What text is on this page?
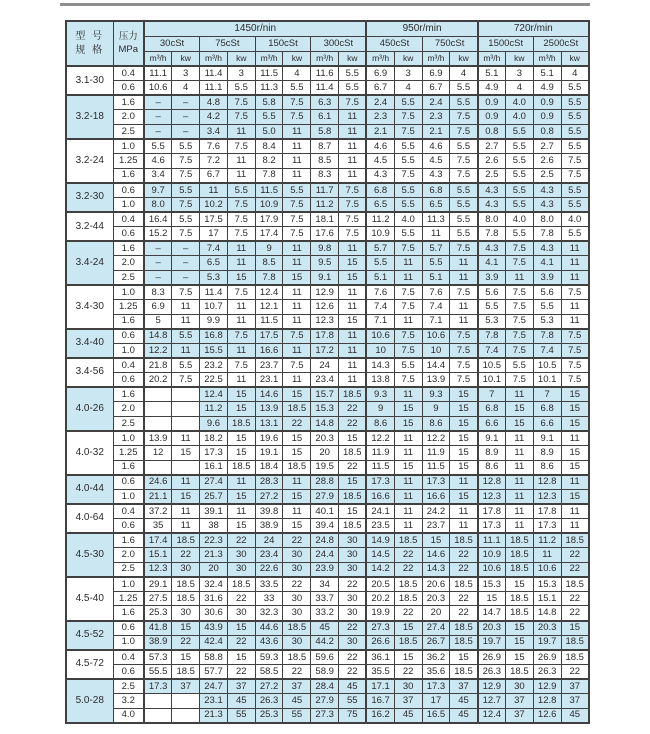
型 号
规 格

压力
MPa
	1450r/nin	950r/min	720r/min
		30cSt		75cSt		150cSt		300cSt		450cSt		750cSt		1500cSt		2500cSt	
		m³/h	kw	m³/h	kw	m³/h	kw	m³/h	kw	m³/h	kw	m³/h	kw	m³/h	kw	m³/h	kw
3.1-30	0.4	11.1	3	11.4	3	11.5	4	11.6	5.5	6.9	3	6.9	4	5.1	3	5.1	4
	0.6	10.6	4	11.1	5.5	11.3	5.5	11.4	5.5	6.7	4	6.7	5.5	4.9	4	4.9	5.5
3.2-18	1.6	–	–	4.8	7.5	5.8	7.5	6.3	7.5	2.4	5.5	2.4	5.5	0.9	4.0	0.9	5.5
	2.0	–	–	4.2	7.5	5.5	7.5	6.1	11	2.3	7.5	2.3	7.5	0.9	4.0	0.9	5.5
	2.5	–	–	3.4	11	5.0	11	5.8	11	2.1	7.5	2.1	7.5	0.8	5.5	0.8	5.5
3.2-24	1.0	5.5	5.5	7.6	7.5	8.4	11	8.7	11	4.6	5.5	4.6	5.5	2.7	5.5	2.7	5.5
	1.25	4.6	7.5	7.2	11	8.2	11	8.5	11	4.5	5.5	4.5	7.5	2.6	5.5	2.6	7.5
	1.6	3.4	7.5	6.7	11	7.8	11	8.3	11	4.3	7.5	4.3	7.5	2.5	5.5	2.5	7.5
3.2-30	0.6	9.7	5.5	11	5.5	11.5	5.5	11.7	7.5	6.8	5.5	6.8	5.5	4.3	5.5	4.3	5.5
	1.0	8.0	7.5	10.2	7.5	10.9	7.5	11.2	7.5	6.5	5.5	6.5	5.5	4.3	5.5	4.3	5.5
3.2-44	0.4	16.4	5.5	17.5	7.5	17.9	7.5	18.1	7.5	11.2	4.0	11.3	5.5	8.0	4.0	8.0	4.0
	0.6	15.2	7.5	17	7.5	17.4	7.5	17.6	7.5	10.9	5.5	11	5.5	7.8	5.5	7.8	5.5
3.4-24	1.6	–	–	7.4	11	9	11	9.8	11	5.7	7.5	5.7	7.5	4.3	7.5	4.3	11
	2.0	–	–	6.5	11	8.5	11	9.5	15	5.5	11	5.5	11	4.1	7.5	4.1	11
	2.5	–	–	5.3	15	7.8	15	9.1	15	5.1	11	5.1	11	3.9	11	3.9	11
3.4-30	1.0	8.3	7.5	11.4	7.5	12.4	11	12.9	11	7.6	7.5	7.6	7.5	5.6	7.5	5.6	7.5
	1.25	6.9	11	10.7	11	12.1	11	12.6	11	7.4	7.5	7.4	11	5.5	7.5	5.5	11
	1.6	5	11	9.9	11	11.5	11	12.3	15	7.1	11	7.1	11	5.3	7.5	5.3	11
3.4-40	0.6	14.8	5.5	16.8	7.5	17.5	7.5	17.8	11	10.6	7.5	10.6	7.5	7.8	7.5	7.8	7.5
	1.0	12.2	11	15.5	11	16.6	11	17.2	11	10	7.5	10	7.5	7.4	7.5	7.4	7.5
3.4-56	0.4	21.8	5.5	23.2	7.5	23.7	7.5	24	11	14.3	5.5	14.4	7.5	10.5	5.5	10.5	7.5
	0.6	20.2	7.5	22.5	11	23.1	11	23.4	11	13.8	7.5	13.9	7.5	10.1	7.5	10.1	7.5
4.0-26	1.6			12.4	15	14.6	15	15.7	18.5	9.3	11	9.3	15	7	11	7	15
	2.0			11.2	15	13.9	18.5	15.3	22	9	15	9	15	6.8	15	6.8	15
	2.5			9.6	18.5	13.1	22	14.8	22	8.6	15	8.6	15	6.6	15	6.6	15
4.0-32	1.0	13.9	11	18.2	15	19.6	15	20.3	15	12.2	11	12.2	15	9.1	11	9.1	11
	1.25	12	15	17.3	15	19.1	15	20	18.5	11.9	11	11.9	15	8.9	11	8.9	15
	1.6			16.1	18.5	18.4	18.5	19.5	22	11.5	15	11.5	15	8.6	11	8.6	15
4.0-44	0.6	24.6	11	27.4	11	28.3	11	28.8	15	17.3	11	17.3	11	12.8	11	12.8	11
	1.0	21.1	15	25.7	15	27.2	15	27.9	18.5	16.6	11	16.6	15	12.3	11	12.3	15
4.0-64	0.4	37.2	11	39.1	11	39.8	11	40.1	15	24.1	11	24.2	11	17.8	11	17.8	11
	0.6	35	11	38	15	38.9	15	39.4	18.5	23.5	11	23.7	11	17.3	11	17.3	11
4.5-30	1.6	17.4	18.5	22.3	22	24	22	24.8	30	14.9	18.5	15	18.5	11.1	18.5	11.2	18.5
	2.0	15.1	22	21.3	30	23.4	30	24.4	30	14.5	22	14.6	22	10.9	18.5	11	22
	2.5	12.3	30	20	30	22.6	30	23.9	30	14.2	22	14.3	22	10.6	18.5	10.6	22
4.5-40	1.0	29.1	18.5	32.4	18.5	33.5	22	34	22	20.5	18.5	20.6	18.5	15.3	15	15.3	18.5
	1.25	27.5	18.5	31.6	22	33	30	33.7	30	20.2	18.5	20.3	22	15	18.5	15.1	22
	1.6	25.3	30	30.6	30	32.3	30	33.2	30	19.9	22	20	22	14.7	18.5	14.8	22
4.5-52	0.6	41.8	15	43.9	15	44.6	18.5	45	22	27.3	15	27.4	18.5	20.3	15	20.3	15
	1.0	38.9	22	42.4	22	43.6	30	44.2	30	26.6	18.5	26.7	18.5	19.7	15	19.7	18.5
4.5-72	0.4	57.3	15	58.8	15	59.3	18.5	59.6	22	36.1	15	36.2	15	26.9	15	26.9	18.5
	0.6	55.5	18.5	57.7	22	58.5	22	58.9	22	35.5	22	35.6	18.5	26.3	18.5	26.3	22
5.0-28	2.5	17.3	37	24.7	37	27.2	37	28.4	45	17.1	30	17.3	37	12.9	30	12.9	37
	3.2			23.1	45	26.3	45	27.9	55	16.7	37	17	45	12.7	37	12.8	37
	4.0			21.3	55	25.3	55	27.3	75	16.2	45	16.5	45	12.4	37	12.6	45
